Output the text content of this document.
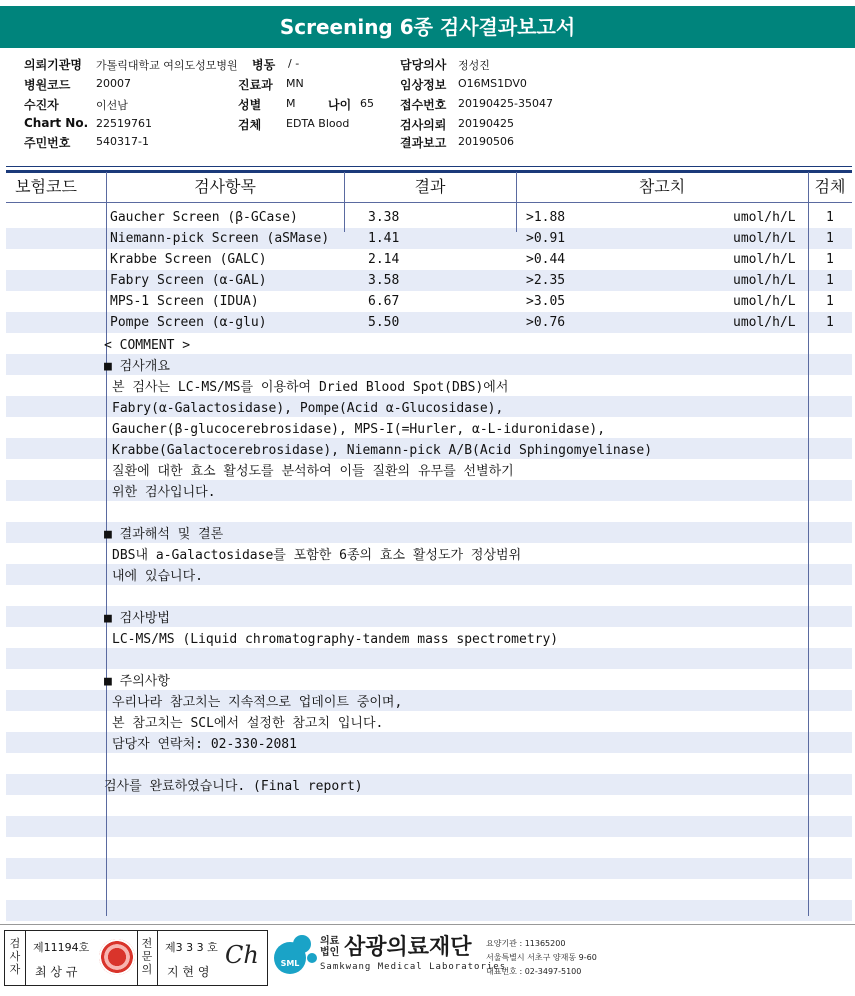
Screening 6종 검사결과보고서
의뢰기관명 가톨릭대학교 여의도성모병원 병동 / -	담당의사 정성진
병원코드 20007	진료과 MN	임상정보 O16MS1DV0
수진자	이선남	성별 M	나이 65 접수번호 20190425-35047
Chart No. 22519761	검체 EDTA Blood	검사의뢰 20190425
주민번호 540317-1	결과보고 20190506
보험코드	검사항목	결과	참고치	검체
Gaucher Screen (β-GCase)	3.38	>1.88	umol/h/L 1
Niemann-pick Screen (aSMase)	1.41	>0.91	umol/h/L 1
Krabbe Screen (GALC)	2.14	>0.44	umol/h/L 1
Fabry Screen (α-GAL)	3.58	>2.35	umol/h/L 1
MPS-1 Screen (IDUA)	6.67	>3.05	umol/h/L 1
Pompe Screen (α-glu)	5.50	>0.76	umol/h/L 1
< COMMENT >
■ 검사개요
본 검사는 LC-MS/MS를 이용하여 Dried Blood Spot(DBS)에서
Fabry(α-Galactosidase), Pompe(Acid α-Glucosidase),
Gaucher(β-glucocerebrosidase), MPS-I(=Hurler, α-L-iduronidase),
Krabbe(Galactocerebrosidase), Niemann-pick A/B(Acid Sphingomyelinase)
질환에 대한 효소 활성도를 분석하여 이들 질환의 유무를 선별하기
위한 검사입니다.
■ 결과해석 및 결론
DBS내 a-Galactosidase를 포함한 6종의 효소 활성도가 정상범위
내에 있습니다.
■ 검사방법
LC-MS/MS (Liquid chromatography-tandem mass spectrometry)
■ 주의사항
우리나라 참고치는 지속적으로 업데이트 중이며,
본 참고치는 SCL에서 설정한 참고치 입니다.
담당자 연락처: 02-330-2081
검사를 완료하였습니다. (Final report)
검사자
제11194호
최 상 규
전문의
제3 3 3 호
지 현 영
Ch	SML
의료
법인 삼광의료재단
Samkwang Medical Laboratories
요양기관 : 11365200
서울특별시 서초구 양재동 9-60
대표번호 : 02-3497-5100
